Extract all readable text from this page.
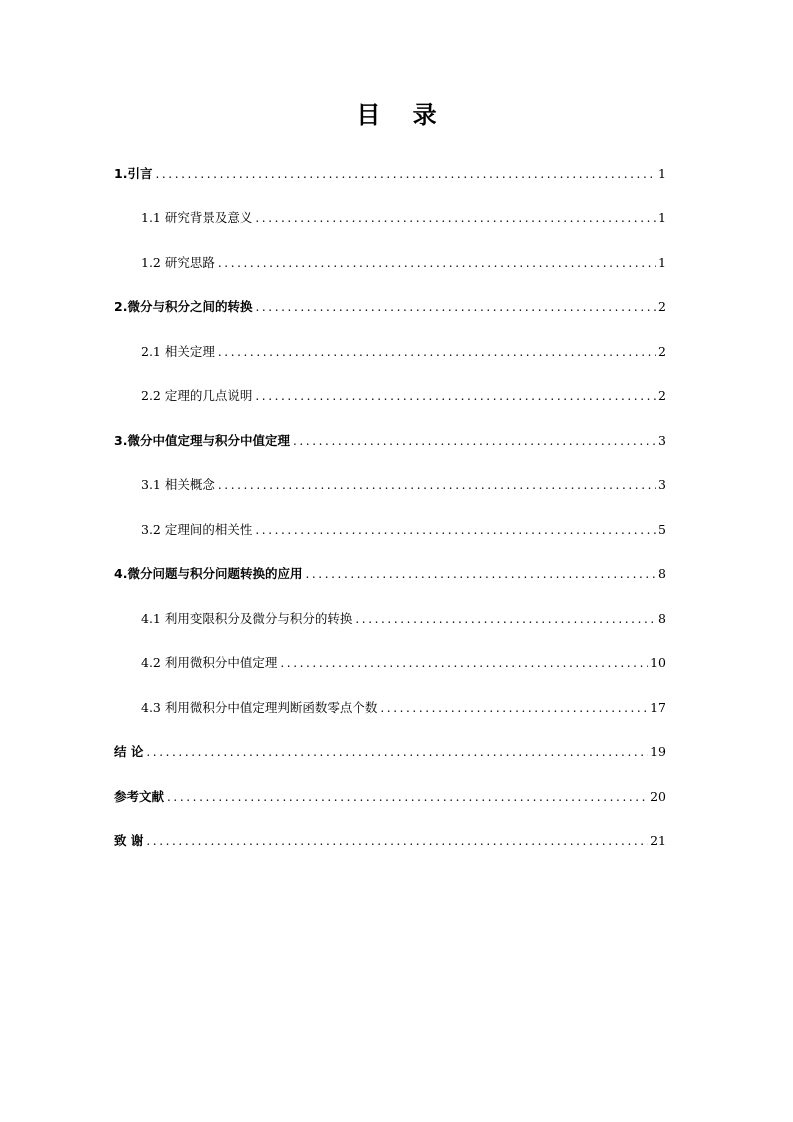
目 录
1.引言 .....	1
1.1 研究背景及意义 .....	1
1.2 研究思路 .....	1
2.微分与积分之间的转换 .....	2
2.1 相关定理 .....	2
2.2 定理的几点说明 .....	2
3.微分中值定理与积分中值定理 .....	3
3.1 相关概念 .....	3
3.2 定理间的相关性 .....	5
4.微分问题与积分问题转换的应用 .....	8
4.1 利用变限积分及微分与积分的转换 .....	8
4.2 利用微积分中值定理 .....	10
4.3 利用微积分中值定理判断函数零点个数 .....	17
结 论 .....	19
参考文献 .....	20
致 谢 .....	21
